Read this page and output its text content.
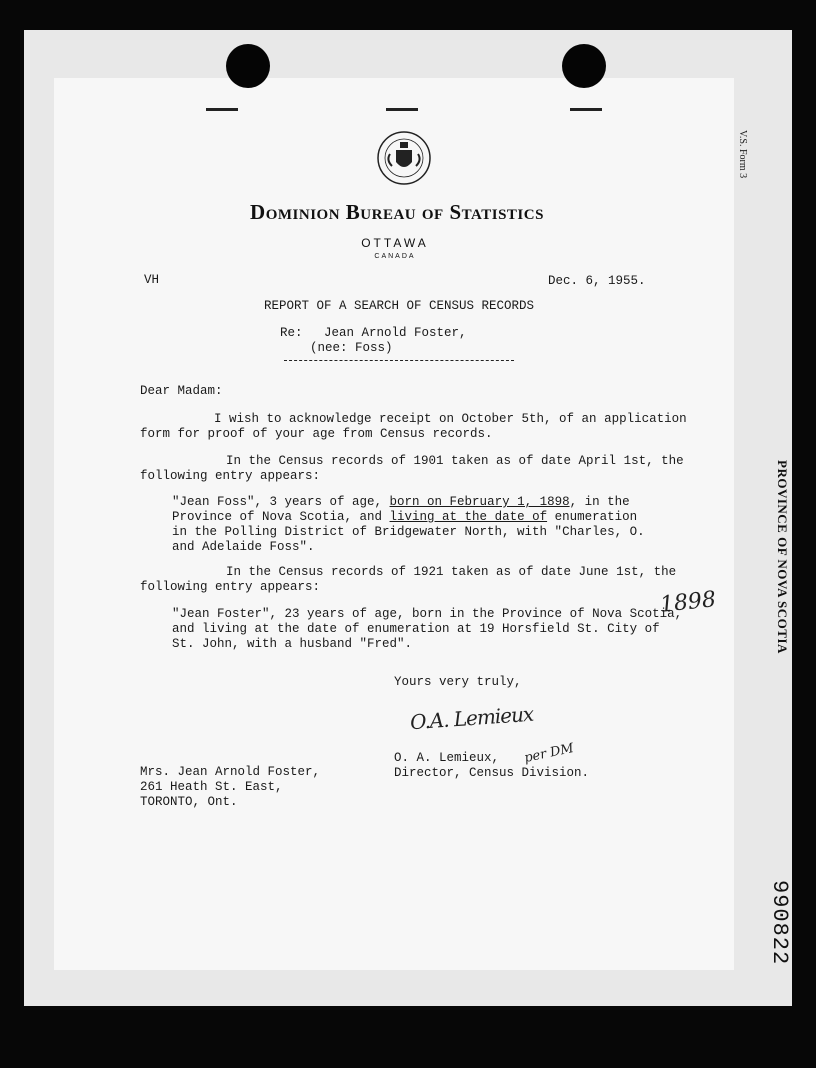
V.S. Form 3
PROVINCE OF NOVA SCOTIA
990822
Dominion Bureau of Statistics
OTTAWA
CANADA
VH	Dec. 6, 1955.
REPORT OF A SEARCH OF CENSUS RECORDS
Re: Jean Arnold Foster,
(nee: Foss)
Dear Madam:
I wish to acknowledge receipt on October 5th, of an application
form for proof of your age from Census records.
In the Census records of 1901 taken as of date April 1st, the
following entry appears:
"Jean Foss", 3 years of age, born on February 1, 1898, in the
Province of Nova Scotia, and living at the date of enumeration
in the Polling District of Bridgewater North, with "Charles, O.
and Adelaide Foss".
In the Census records of 1921 taken as of date June 1st, the
following entry appears:
"Jean Foster", 23 years of age, born in the Province of Nova Scotia,
and living at the date of enumeration at 19 Horsfield St. City of
St. John, with a husband "Fred".
1898
Yours very truly,
O.A. Lemieux
per DM
O. A. Lemieux,
Director, Census Division.
Mrs. Jean Arnold Foster,
261 Heath St. East,
TORONTO, Ont.
